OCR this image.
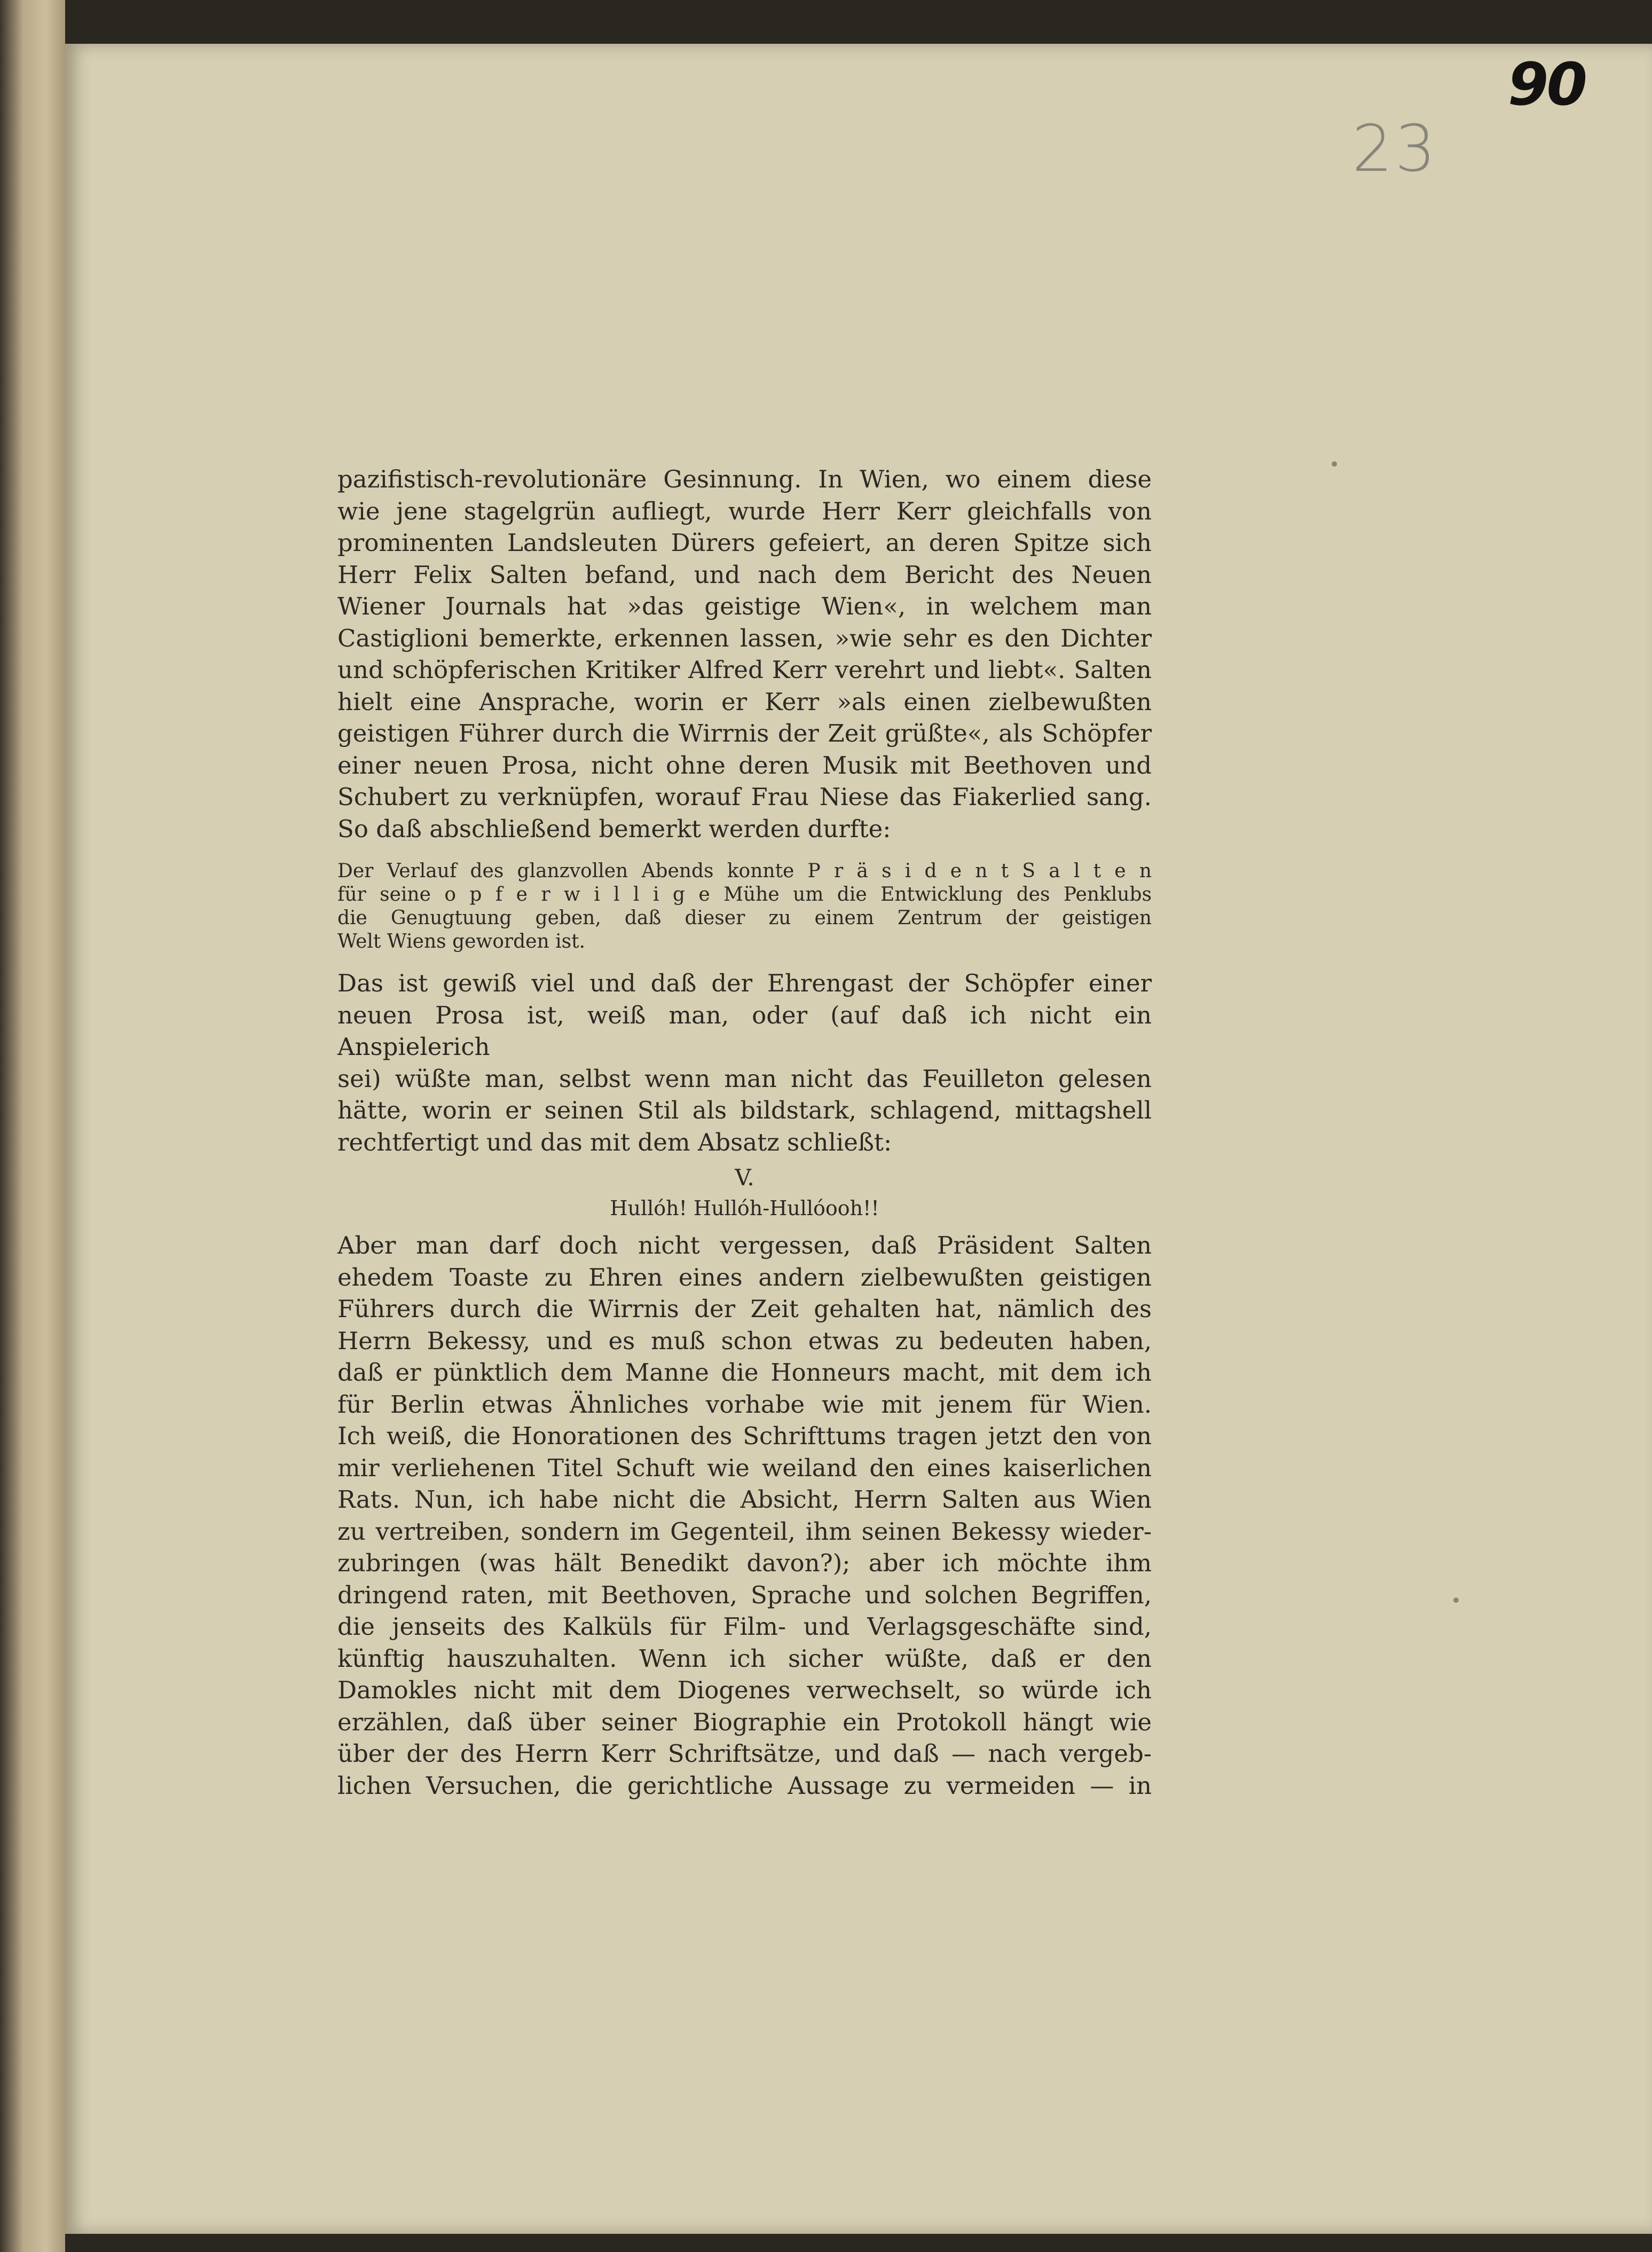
90
23

pazifistisch-revolutionäre Gesinnung. In Wien, wo einem diese
wie jene stagelgrün aufliegt, wurde Herr Kerr gleichfalls von
prominenten Landsleuten Dürers gefeiert, an deren Spitze sich
Herr Felix Salten befand, und nach dem Bericht des Neuen
Wiener Journals hat »das geistige Wien«, in welchem man
Castiglioni bemerkte, erkennen lassen, »wie sehr es den Dichter
und schöpferischen Kritiker Alfred Kerr verehrt und liebt«. Salten
hielt eine Ansprache, worin er Kerr »als einen zielbewußten
geistigen Führer durch die Wirrnis der Zeit grüßte«, als Schöpfer
einer neuen Prosa, nicht ohne deren Musik mit Beethoven und
Schubert zu verknüpfen, worauf Frau Niese das Fiakerlied sang.
So daß abschließend bemerkt werden durfte:

Der Verlauf des glanzvollen Abends konnte P r ä s i d e n t S a l t e n
für seine o p f e r w i l l i g e Mühe um die Entwicklung des Penklubs
die Genugtuung geben, daß dieser zu einem Zentrum der geistigen
Welt Wiens geworden ist.

Das ist gewiß viel und daß der Ehrengast der Schöpfer einer
neuen Prosa ist, weiß man, oder (auf daß ich nicht ein Anspielerich
sei) wüßte man, selbst wenn man nicht das Feuilleton gelesen
hätte, worin er seinen Stil als bildstark, schlagend, mittagshell
rechtfertigt und das mit dem Absatz schließt:

V.
Hullóh! Hullóh-Hullóooh!!

Aber man darf doch nicht vergessen, daß Präsident Salten
ehedem Toaste zu Ehren eines andern zielbewußten geistigen
Führers durch die Wirrnis der Zeit gehalten hat, nämlich des
Herrn Bekessy, und es muß schon etwas zu bedeuten haben,
daß er pünktlich dem Manne die Honneurs macht, mit dem ich
für Berlin etwas Ähnliches vorhabe wie mit jenem für Wien.
Ich weiß, die Honorationen des Schrifttums tragen jetzt den von
mir verliehenen Titel Schuft wie weiland den eines kaiserlichen
Rats. Nun, ich habe nicht die Absicht, Herrn Salten aus Wien
zu vertreiben, sondern im Gegenteil, ihm seinen Bekessy wieder-
zubringen (was hält Benedikt davon?); aber ich möchte ihm
dringend raten, mit Beethoven, Sprache und solchen Begriffen,
die jenseits des Kalküls für Film- und Verlagsgeschäfte sind,
künftig hauszuhalten. Wenn ich sicher wüßte, daß er den
Damokles nicht mit dem Diogenes verwechselt, so würde ich
erzählen, daß über seiner Biographie ein Protokoll hängt wie
über der des Herrn Kerr Schriftsätze, und daß — nach vergeb-
lichen Versuchen, die gerichtliche Aussage zu vermeiden — in
